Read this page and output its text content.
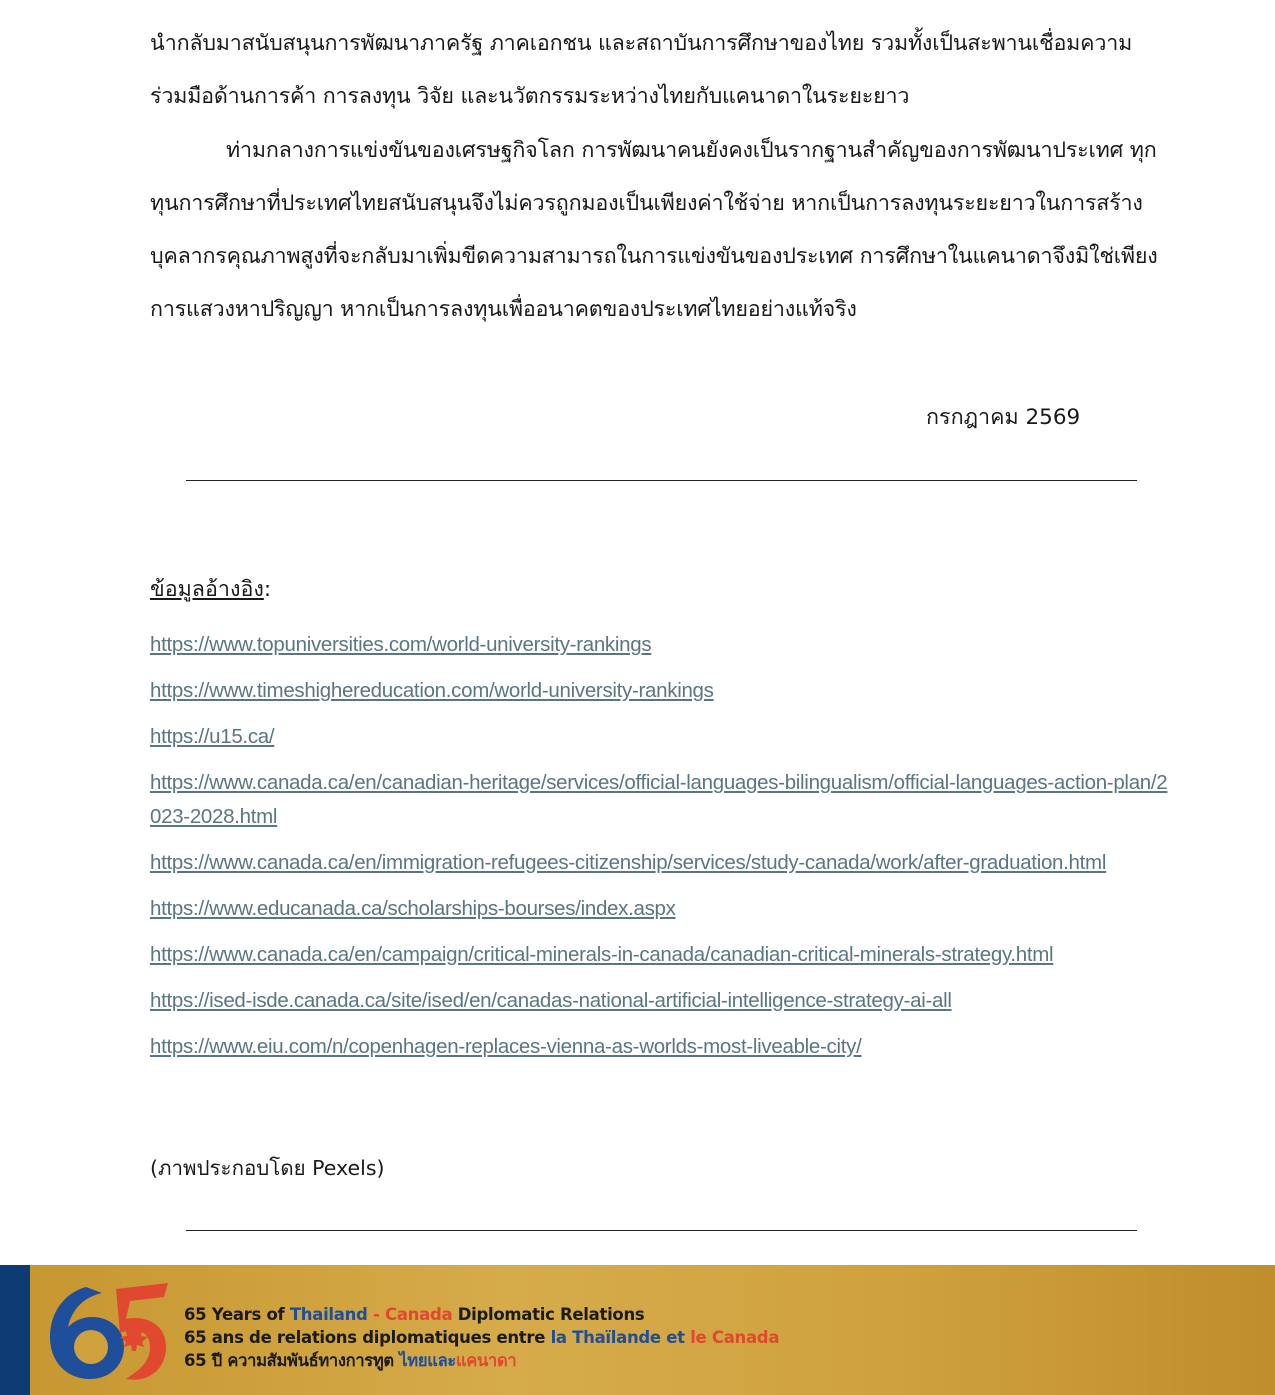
นำกลับมาสนับสนุนการพัฒนาภาครัฐ ภาคเอกชน และสถาบันการศึกษาของไทย รวมทั้งเป็นสะพานเชื่อมความร่วมมือด้านการค้า การลงทุน วิจัย และนวัตกรรมระหว่างไทยกับแคนาดาในระยะยาว

ท่ามกลางการแข่งขันของเศรษฐกิจโลก การพัฒนาคนยังคงเป็นรากฐานสำคัญของการพัฒนาประเทศ ทุกทุนการศึกษาที่ประเทศไทยสนับสนุนจึงไม่ควรถูกมองเป็นเพียงค่าใช้จ่าย หากเป็นการลงทุนระยะยาวในการสร้างบุคลากรคุณภาพสูงที่จะกลับมาเพิ่มขีดความสามารถในการแข่งขันของประเทศ การศึกษาในแคนาดาจึงมิใช่เพียงการแสวงหาปริญญา หากเป็นการลงทุนเพื่ออนาคตของประเทศไทยอย่างแท้จริง

กรกฎาคม 2569
ข้อมูลอ้างอิง:
https://www.topuniversities.com/world-university-rankings
https://www.timeshighereducation.com/world-university-rankings
https://u15.ca/
https://www.canada.ca/en/canadian-heritage/services/official-languages-bilingualism/official-languages-action-plan/2023-2028.html
https://www.canada.ca/en/immigration-refugees-citizenship/services/study-canada/work/after-graduation.html
https://www.educanada.ca/scholarships-bourses/index.aspx
https://www.canada.ca/en/campaign/critical-minerals-in-canada/canadian-critical-minerals-strategy.html
https://ised-isde.canada.ca/site/ised/en/canadas-national-artificial-intelligence-strategy-ai-all
https://www.eiu.com/n/copenhagen-replaces-vienna-as-worlds-most-liveable-city/
(ภาพประกอบโดย Pexels)
65 Years of Thailand - Canada Diplomatic Relations
65 ans de relations diplomatiques entre la Thaïlande et le Canada
65 ปี ความสัมพันธ์ทางการทูต ไทยและแคนาดา
